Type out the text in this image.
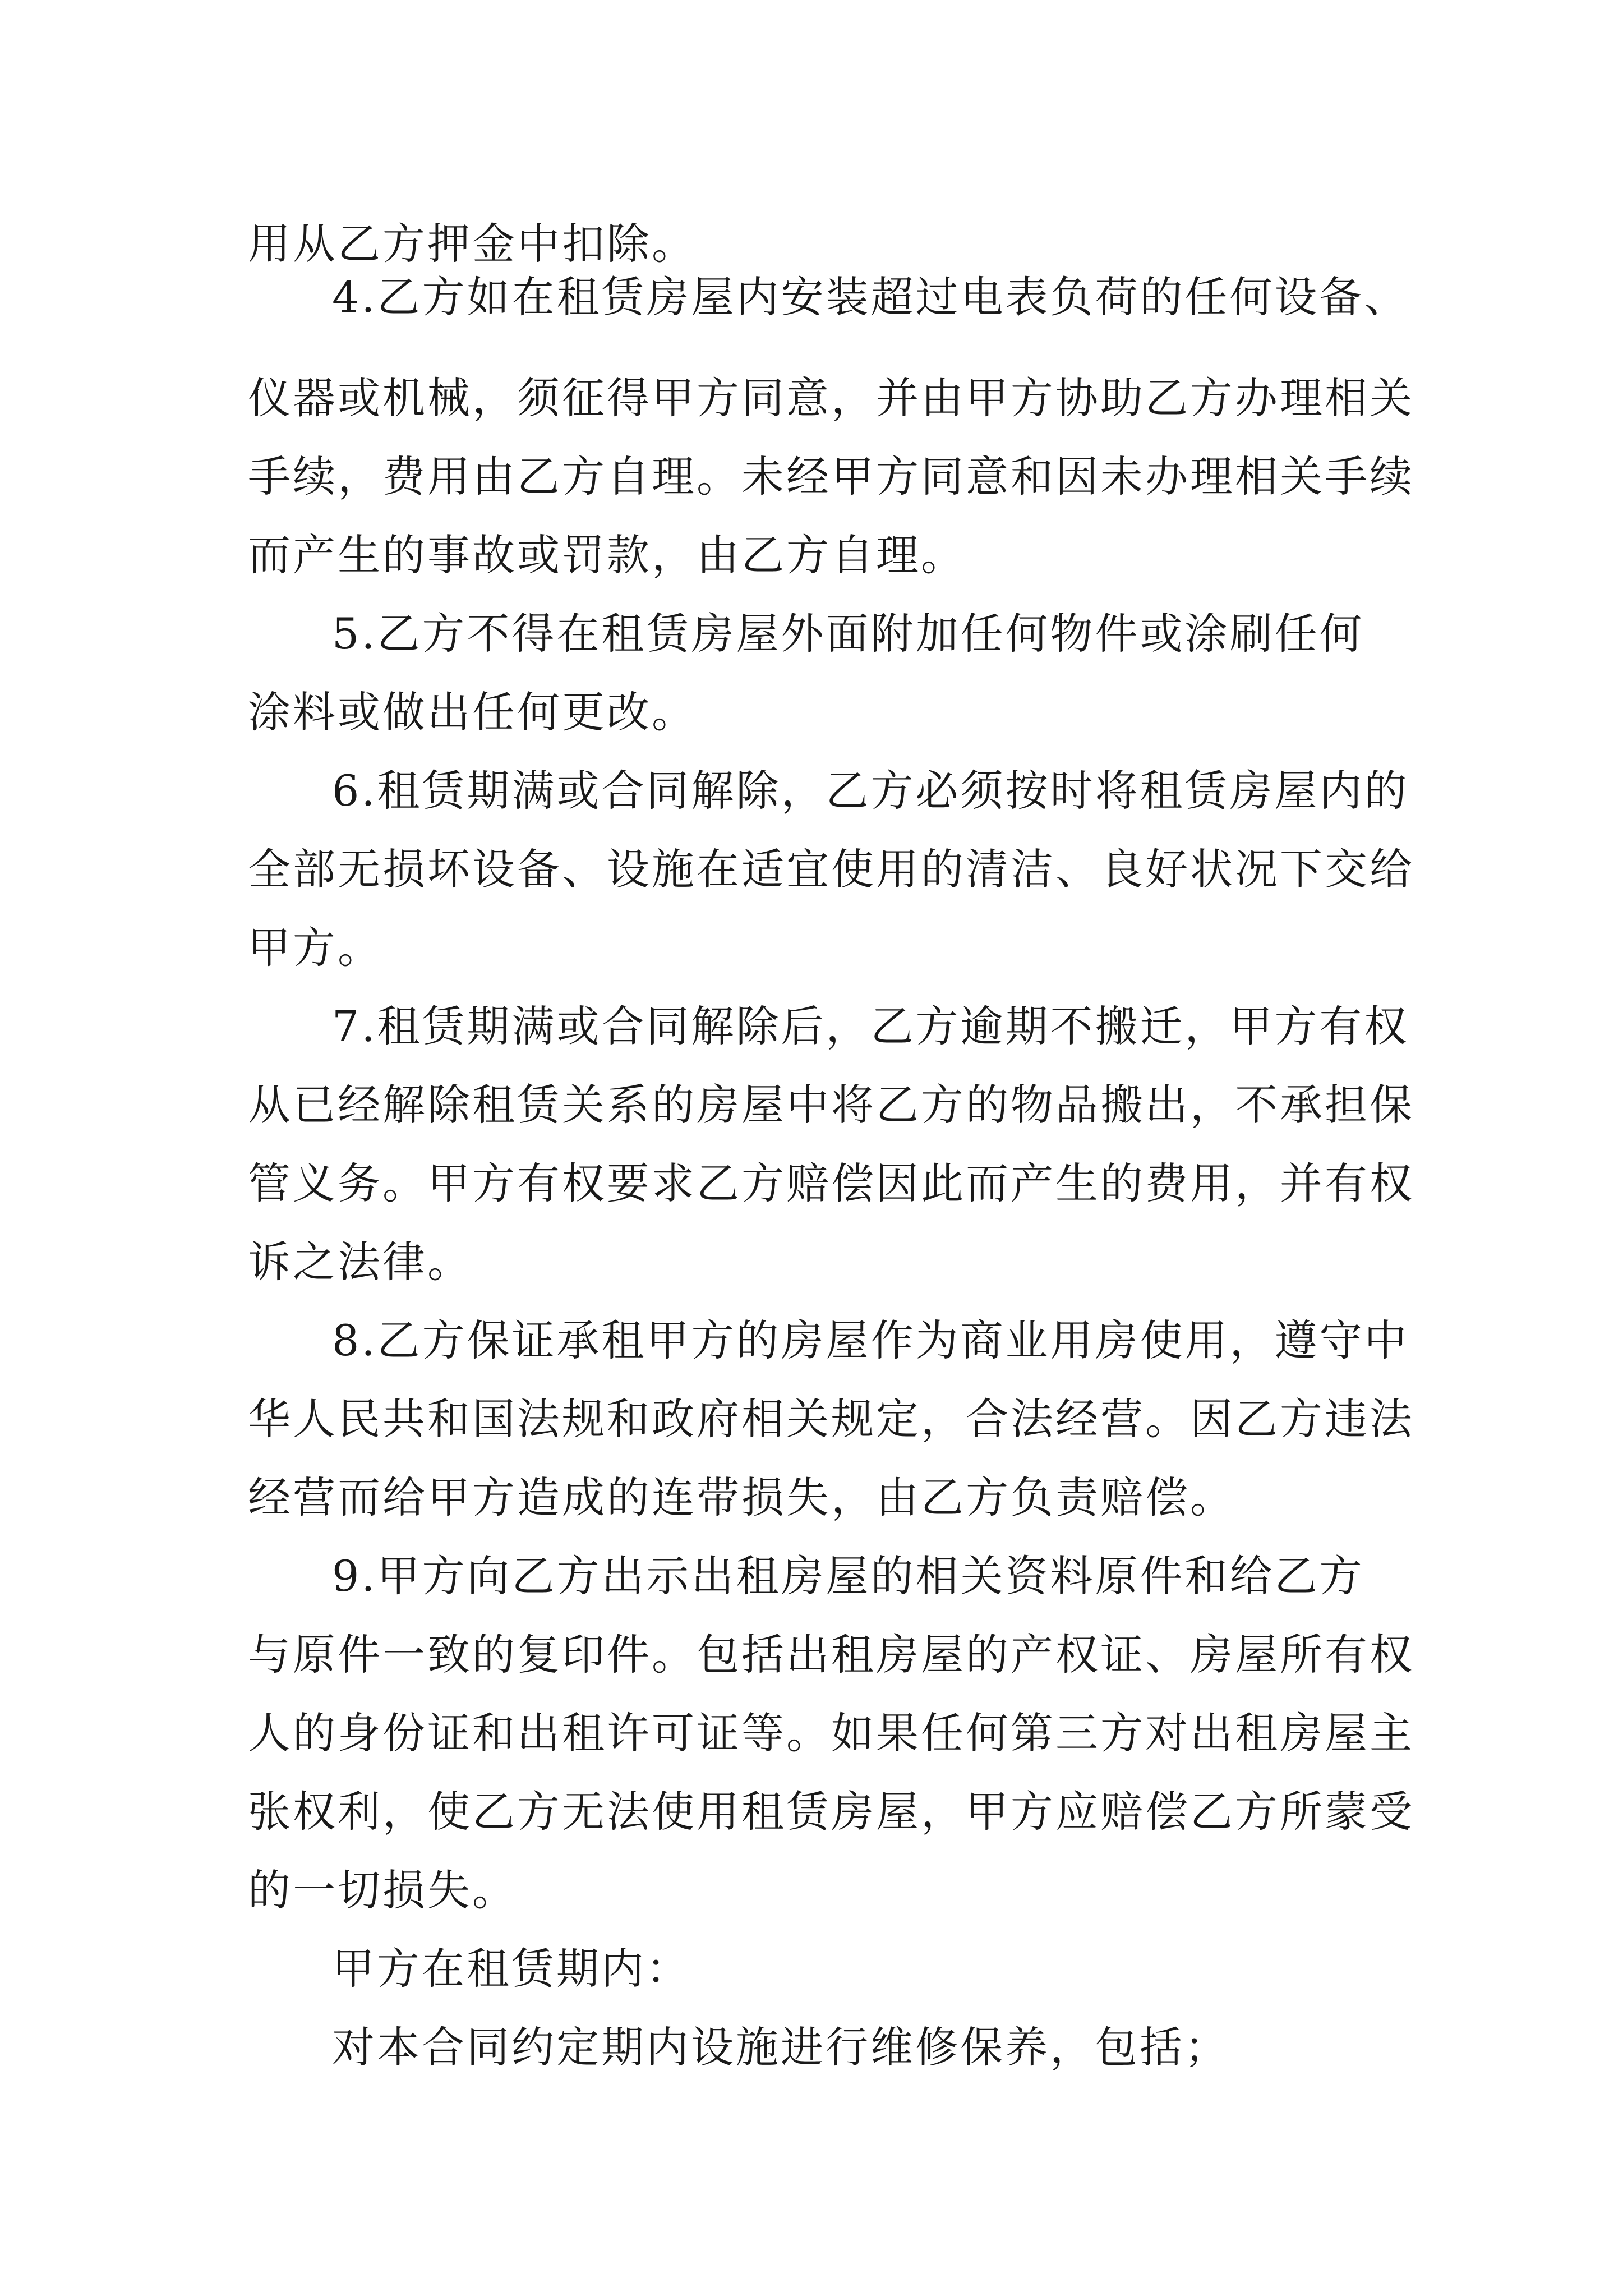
用从乙方押金中扣除。
4.乙方如在租赁房屋内安装超过电表负荷的任何设备、
仪器或机械，须征得甲方同意，并由甲方协助乙方办理相关
手续，费用由乙方自理。未经甲方同意和因未办理相关手续
而产生的事故或罚款，由乙方自理。
5.乙方不得在租赁房屋外面附加任何物件或涂刷任何
涂料或做出任何更改。
6.租赁期满或合同解除，乙方必须按时将租赁房屋内的
全部无损坏设备、设施在适宜使用的清洁、良好状况下交给
甲方。
7.租赁期满或合同解除后，乙方逾期不搬迁，甲方有权
从已经解除租赁关系的房屋中将乙方的物品搬出，不承担保
管义务。甲方有权要求乙方赔偿因此而产生的费用，并有权
诉之法律。
8.乙方保证承租甲方的房屋作为商业用房使用，遵守中
华人民共和国法规和政府相关规定，合法经营。因乙方违法
经营而给甲方造成的连带损失，由乙方负责赔偿。
9.甲方向乙方出示出租房屋的相关资料原件和给乙方
与原件一致的复印件。包括出租房屋的产权证、房屋所有权
人的身份证和出租许可证等。如果任何第三方对出租房屋主
张权利，使乙方无法使用租赁房屋，甲方应赔偿乙方所蒙受
的一切损失。
甲方在租赁期内：
对本合同约定期内设施进行维修保养，包括；
